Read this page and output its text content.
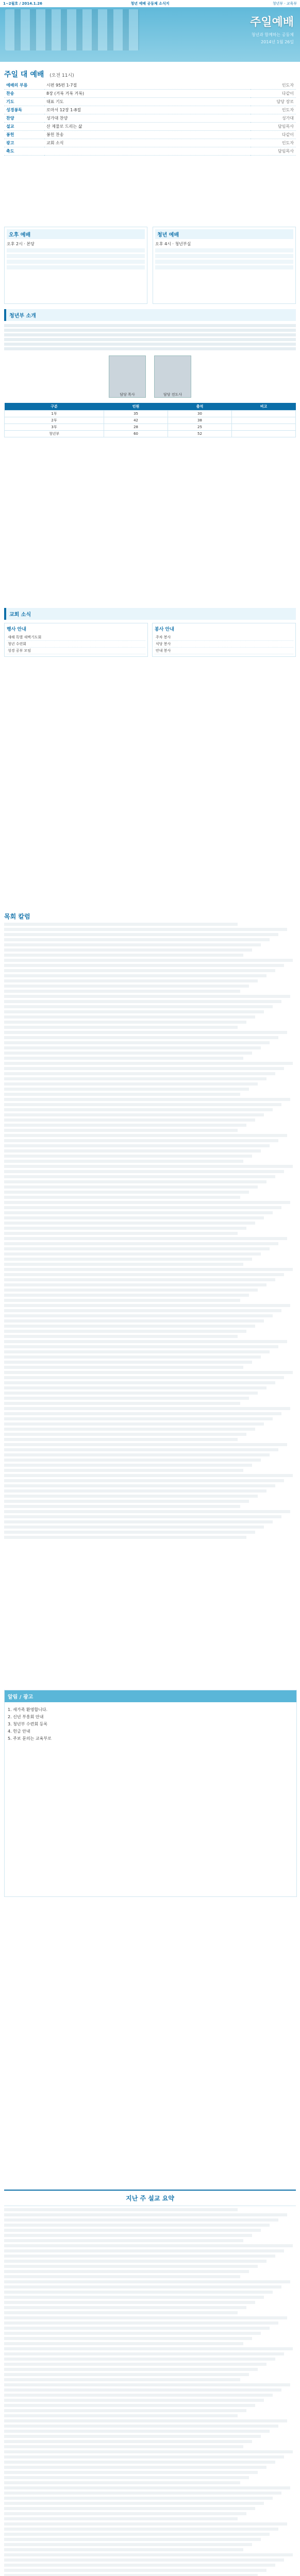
1~2월호 / 2014.1.26	청년 예배 공동체 소식지	청년부 · 교육부
주일예배
청년과 함께하는 공동체
2014년 1월 26일
주일 대 예배 (오전 11시)
예배의 부름	시편 95편 1-7절	인도자
찬송	8장 (거룩 거룩 거룩)	다같이
기도	대표 기도	담당 장로
성경봉독	로마서 12장 1-8절	인도자
찬양	성가대 찬양	성가대
설교	산 제물로 드리는 삶	담임목사
봉헌	봉헌 찬송	다같이
광고	교회 소식	인도자
축도		담임목사
오후 예배
오후 2시 · 본당
청년 예배
오후 4시 · 청년부실
청년부 소개
담당 목사	담당 전도사
구분	인원	출석	비고
1부	35	30	
2부	42	38	
3부	28	25	
청년부	60	52	
교회 소식
행사 안내
새해 특별 새벽기도회
청년 수련회
성경 공부 모임
봉사 안내
주차 봉사
식당 봉사
안내 봉사
목회 칼럼
알림 / 광고
1. 새가족 환영합니다.
2. 신년 부흥회 안내
3. 청년부 수련회 등록
4. 헌금 안내
5. 주보 문의는 교육부로
지난 주 설교 요약
